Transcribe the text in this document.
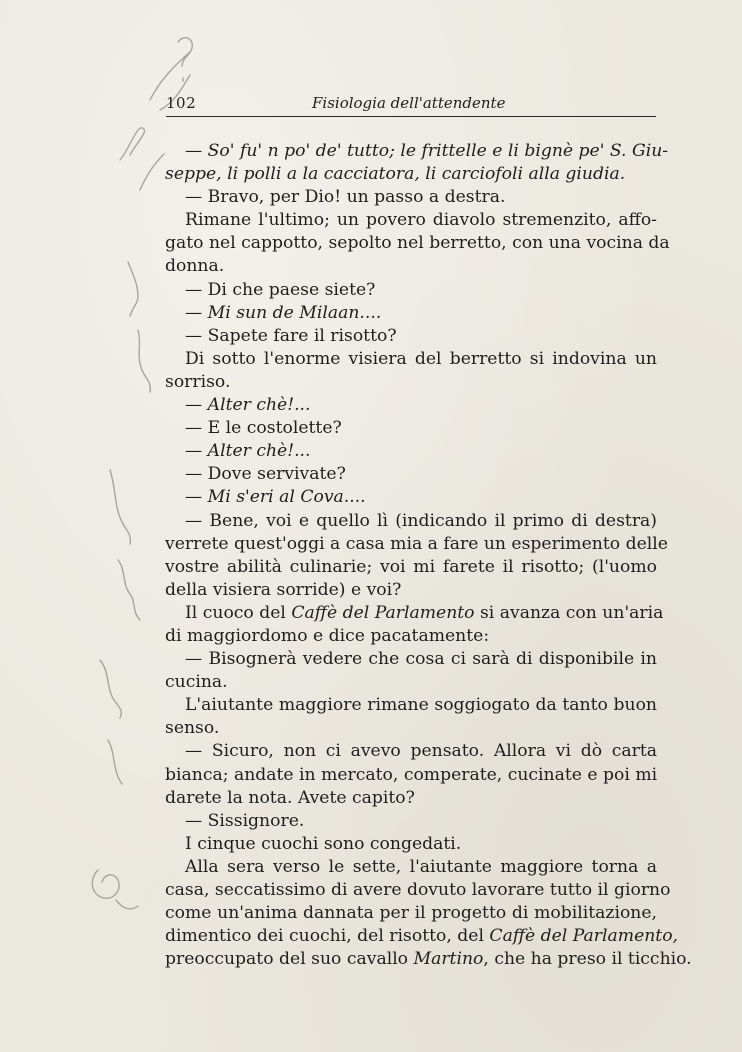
102	Fisiologia dell'attendente
— So' fu' n po' de' tutto; le frittelle e li bignè pe' S. Giu-
seppe, li polli a la cacciatora, li carciofoli alla giudia.
— Bravo, per Dio! un passo a destra.
Rimane l'ultimo; un povero diavolo stremenzito, affo-
gato nel cappotto, sepolto nel berretto, con una vocina da
donna.
— Di che paese siete?
— Mi sun de Milaan....
— Sapete fare il risotto?
Di sotto l'enorme visiera del berretto si indovina un
sorriso.
— Alter chè!...
— E le costolette?
— Alter chè!...
— Dove servivate?
— Mi s'eri al Cova....
— Bene, voi e quello lì (indicando il primo di destra)
verrete quest'oggi a casa mia a fare un esperimento delle
vostre abilità culinarie; voi mi farete il risotto; (l'uomo
della visiera sorride) e voi?
Il cuoco del Caffè del Parlamento si avanza con un'aria
di maggiordomo e dice pacatamente:
— Bisognerà vedere che cosa ci sarà di disponibile in
cucina.
L'aiutante maggiore rimane soggiogato da tanto buon
senso.
— Sicuro, non ci avevo pensato. Allora vi dò carta
bianca; andate in mercato, comperate, cucinate e poi mi
darete la nota. Avete capito?
— Sissignore.
I cinque cuochi sono congedati.
Alla sera verso le sette, l'aiutante maggiore torna a
casa, seccatissimo di avere dovuto lavorare tutto il giorno
come un'anima dannata per il progetto di mobilitazione,
dimentico dei cuochi, del risotto, del Caffè del Parlamento,
preoccupato del suo cavallo Martino, che ha preso il ticchio.
